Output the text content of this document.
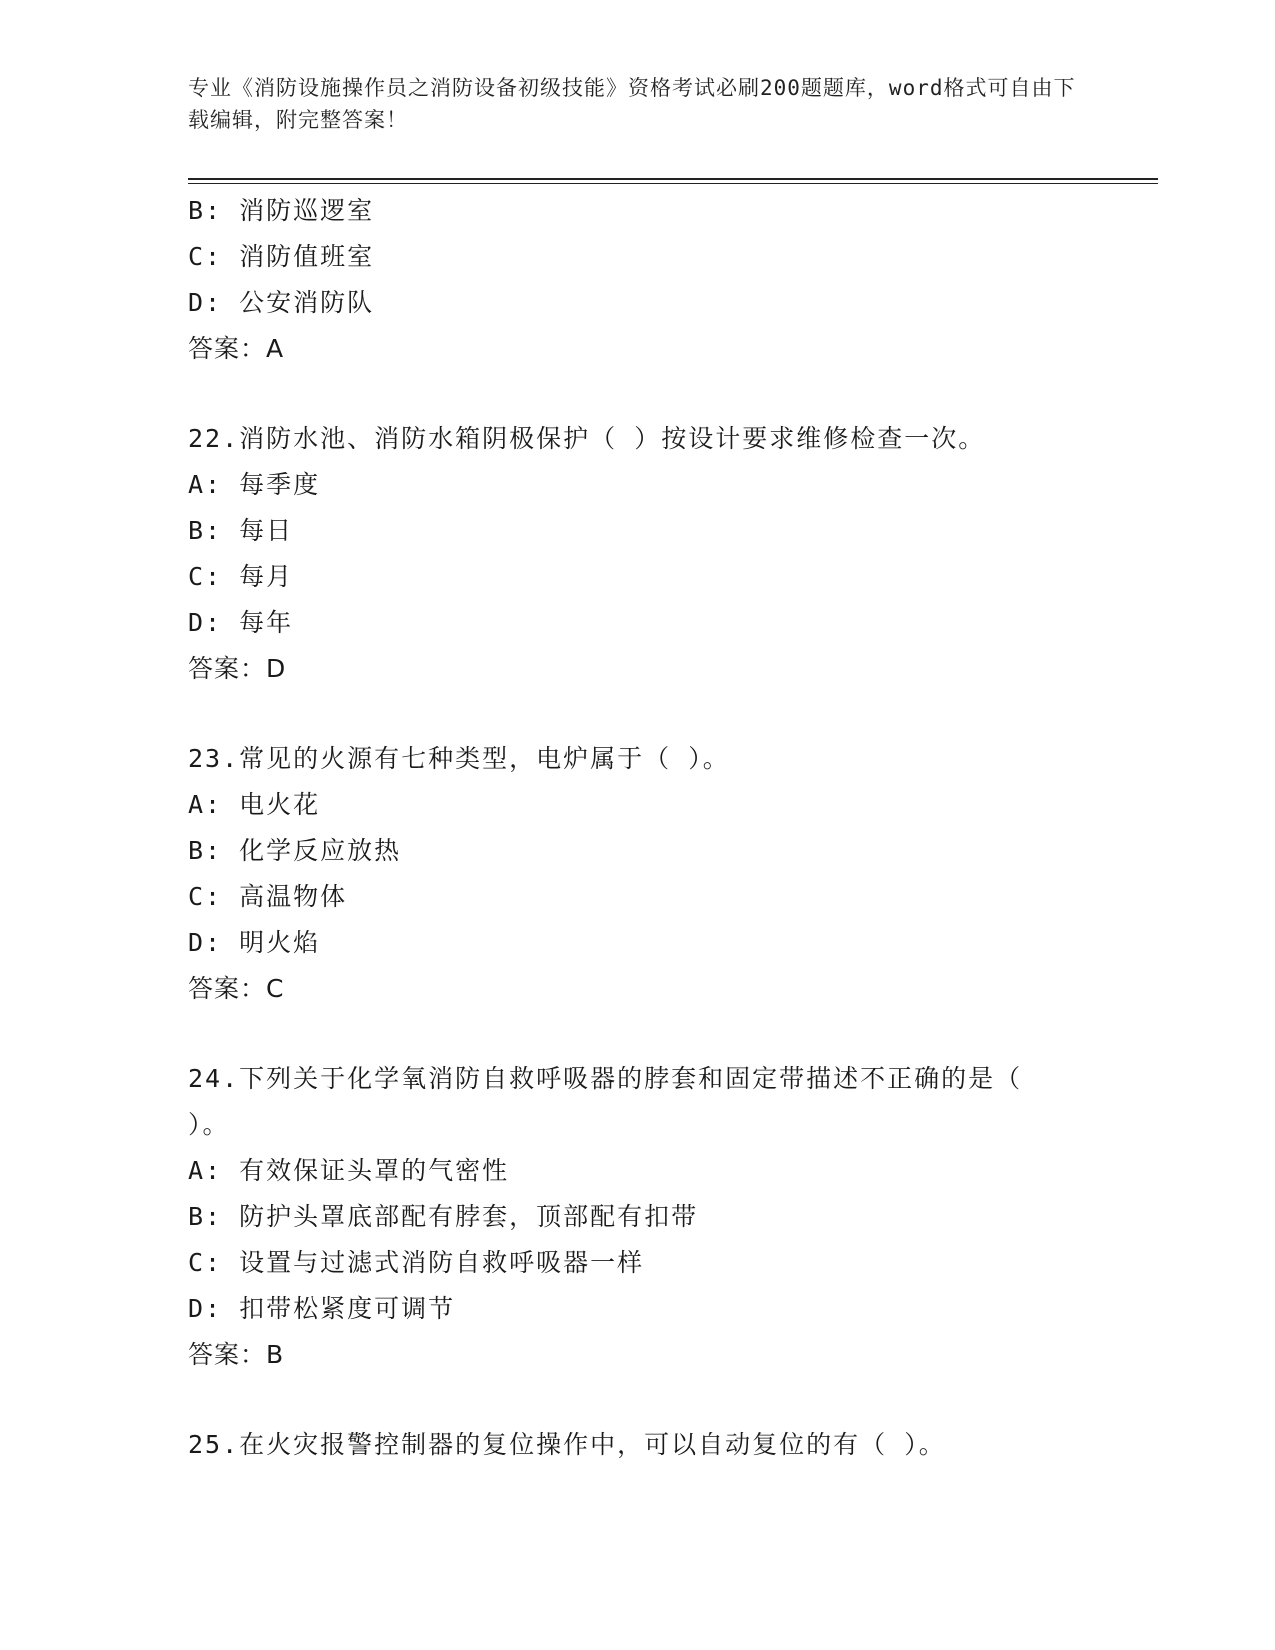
专业《消防设施操作员之消防设备初级技能》资格考试必刷200题题库，word格式可自由下载编辑，附完整答案！
B: 消防巡逻室
C: 消防值班室
D: 公安消防队
答案：A
22.消防水池、消防水箱阴极保护（ ）按设计要求维修检查一次。
A: 每季度
B: 每日
C: 每月
D: 每年
答案：D
23.常见的火源有七种类型，电炉属于（ ）。
A: 电火花
B: 化学反应放热
C: 高温物体
D: 明火焰
答案：C
24.下列关于化学氧消防自救呼吸器的脖套和固定带描述不正确的是（
）。
A: 有效保证头罩的气密性
B: 防护头罩底部配有脖套，顶部配有扣带
C: 设置与过滤式消防自救呼吸器一样
D: 扣带松紧度可调节
答案：B
25.在火灾报警控制器的复位操作中，可以自动复位的有（ ）。
